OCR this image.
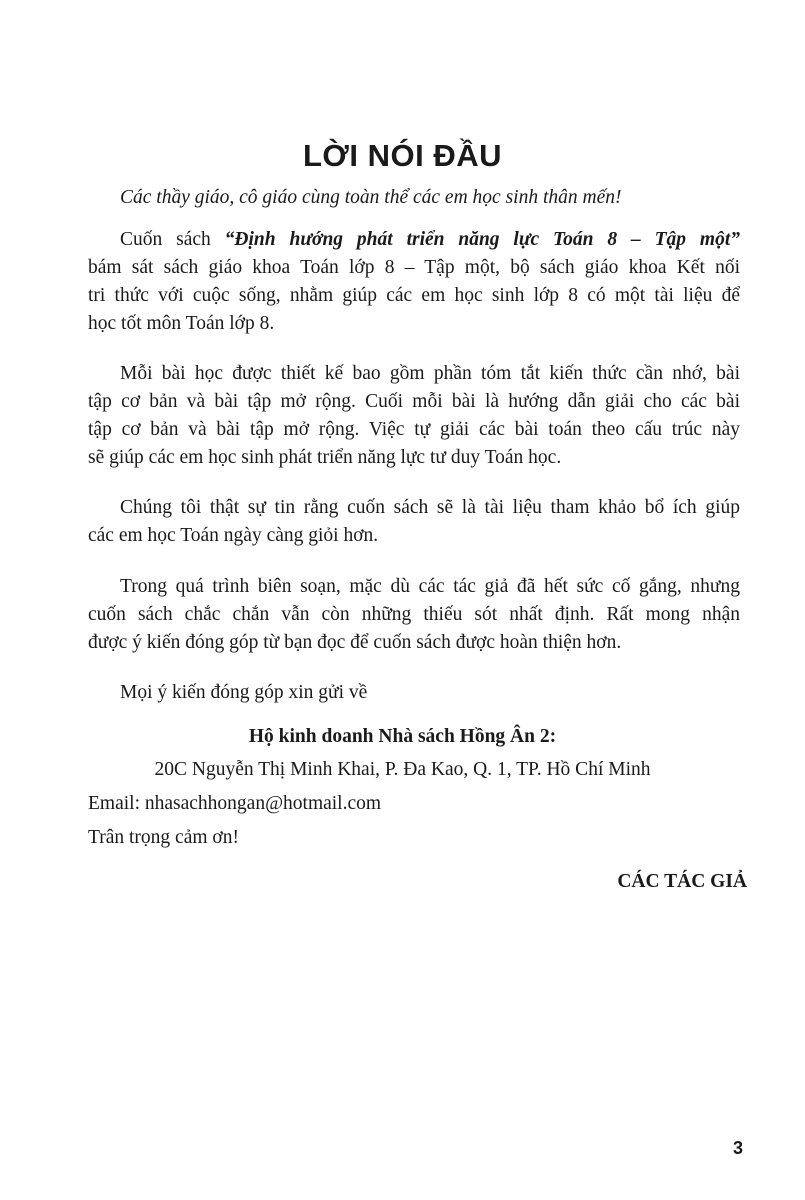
LỜI NÓI ĐẦU
Các thầy giáo, cô giáo cùng toàn thể các em học sinh thân mến!
Cuốn sách “Định hướng phát triển năng lực Toán 8 – Tập một”
bám sát sách giáo khoa Toán lớp 8 – Tập một, bộ sách giáo khoa Kết nối
tri thức với cuộc sống, nhằm giúp các em học sinh lớp 8 có một tài liệu để
học tốt môn Toán lớp 8.
Mỗi bài học được thiết kế bao gồm phần tóm tắt kiến thức cần nhớ, bài
tập cơ bản và bài tập mở rộng. Cuối mỗi bài là hướng dẫn giải cho các bài
tập cơ bản và bài tập mở rộng. Việc tự giải các bài toán theo cấu trúc này
sẽ giúp các em học sinh phát triển năng lực tư duy Toán học.
Chúng tôi thật sự tin rằng cuốn sách sẽ là tài liệu tham khảo bổ ích giúp
các em học Toán ngày càng giỏi hơn.
Trong quá trình biên soạn, mặc dù các tác giả đã hết sức cố gắng, nhưng
cuốn sách chắc chắn vẫn còn những thiếu sót nhất định. Rất mong nhận
được ý kiến đóng góp từ bạn đọc để cuốn sách được hoàn thiện hơn.
Mọi ý kiến đóng góp xin gửi về
Hộ kinh doanh Nhà sách Hồng Ân 2:
20C Nguyễn Thị Minh Khai, P. Đa Kao, Q. 1, TP. Hồ Chí Minh
Email: nhasachhongan@hotmail.com
Trân trọng cảm ơn!
CÁC TÁC GIẢ
3
